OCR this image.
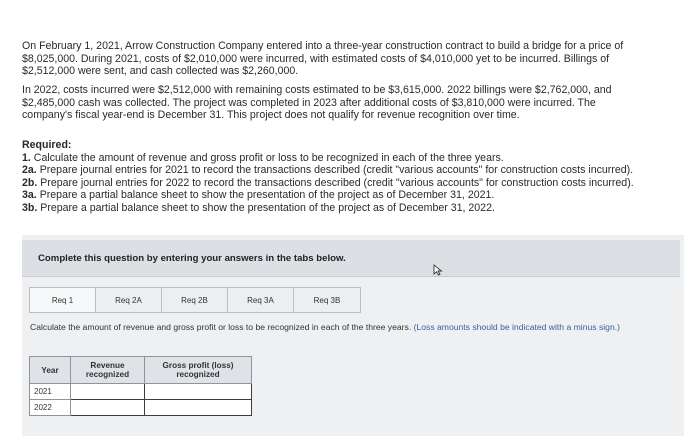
On February 1, 2021, Arrow Construction Company entered into a three-year construction contract to build a bridge for a price of

$8,025,000. During 2021, costs of $2,010,000 were incurred, with estimated costs of $4,010,000 yet to be incurred. Billings of

$2,512,000 were sent, and cash collected was $2,260,000.

In 2022, costs incurred were $2,512,000 with remaining costs estimated to be $3,615,000. 2022 billings were $2,762,000, and

$2,485,000 cash was collected. The project was completed in 2023 after additional costs of $3,810,000 were incurred. The

company's fiscal year-end is December 31. This project does not qualify for revenue recognition over time.

Required:

1. Calculate the amount of revenue and gross profit or loss to be recognized in each of the three years.

2a. Prepare journal entries for 2021 to record the transactions described (credit "various accounts" for construction costs incurred).

2b. Prepare journal entries for 2022 to record the transactions described (credit "various accounts" for construction costs incurred).

3a. Prepare a partial balance sheet to show the presentation of the project as of December 31, 2021.

3b. Prepare a partial balance sheet to show the presentation of the project as of December 31, 2022.

Complete this question by entering your answers in the tabs below.
Req 1	Req 2A	Req 2B	Req 3A	Req 3B
Calculate the amount of revenue and gross profit or loss to be recognized in each of the three years. (Loss amounts should be indicated with a minus sign.)
Year	Revenue recognized	Gross profit (loss) recognized
2021		
2022		
